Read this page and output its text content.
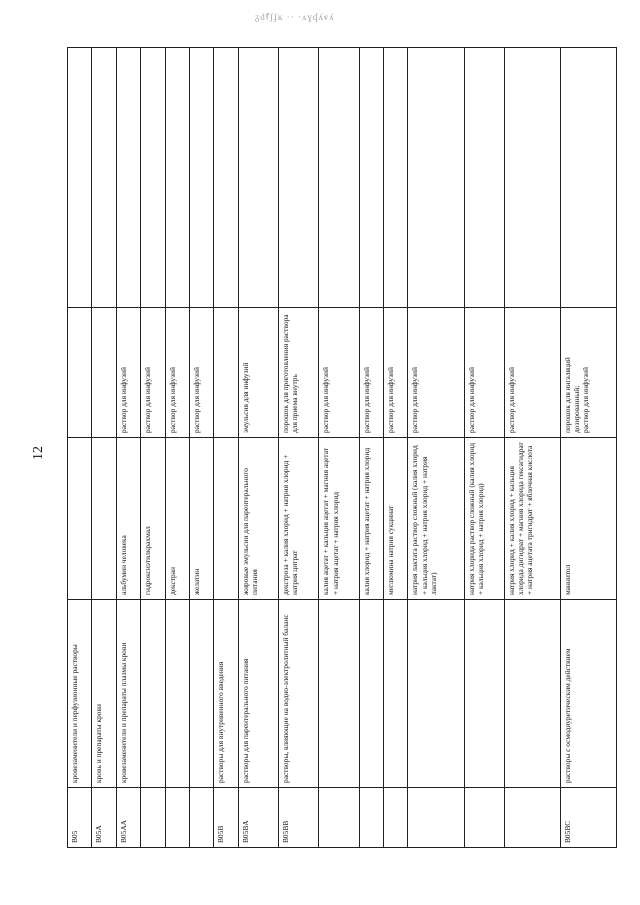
ᵹdẝʃʄĸ ·· ·ʌɣʠʎⱴʎ
12
B05	кровезаменители и перфузионные растворы		

B05A	кровь и препараты крови		

B05AA	кровезаменители и препараты плазмы крови	альбумин человека	раствор для инфузий

		гидроксиэтилкрахмал	раствор для инфузий

		декстран	раствор для инфузий

		желатин	раствор для инфузий

B05B	растворы для внутривенного введения		

B05BA	растворы для парентерального питания	жировые эмульсии для парентерального питания	эмульсия для инфузий

B05BB	растворы, влияющие на водно-электролитный баланс	декстроза + калия хлорид + натрия хлорид + натрия цитрат	порошок для приготовления раствора для приема внутрь

		калия ацетат + кальция ацетат + магния ацетат + натрия ацетат + натрия хлорид	раствор для инфузий

		калия хлорид + натрия ацетат + натрия хлорид	раствор для инфузий

		меглюмина натрия сукцинат	раствор для инфузий

		натрия лактата раствор сложный (калия хлорид + кальция хлорид + натрия хлорид + натрия лактат)	раствор для инфузий

		натрия хлорида раствор сложный (калия хлорид + кальция хлорид + натрия хлорид)	раствор для инфузий

		натрия хлорид + калия хлорид + кальция хлорида дигидрат + магния хлорида гексагидрат + натрия ацетата тригидрат + яблочная кислота	раствор для инфузий

B05BC	растворы с осмодиуретическим действием	маннитол	порошок для ингаляций дозированный;
раствор для инфузий	
